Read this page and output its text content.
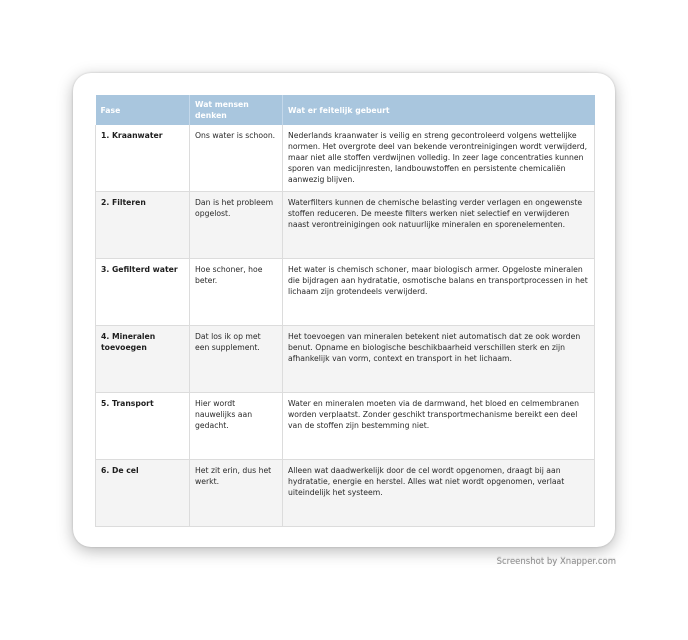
Fase	Wat mensen denken	Wat er feitelijk gebeurt
1. Kraanwater	Ons water is schoon.	Nederlands kraanwater is veilig en streng gecontroleerd volgens wettelijke normen. Het overgrote deel van bekende verontreinigingen wordt verwijderd, maar niet alle stoffen verdwijnen volledig. In zeer lage concentraties kunnen sporen van medicijnresten, landbouwstoffen en persistente chemicaliën aanwezig blijven.
2. Filteren	Dan is het probleem opgelost.	Waterfilters kunnen de chemische belasting verder verlagen en ongewenste stoffen reduceren. De meeste filters werken niet selectief en verwijderen naast verontreinigingen ook natuurlijke mineralen en sporenelementen.
3. Gefilterd water	Hoe schoner, hoe beter.	Het water is chemisch schoner, maar biologisch armer. Opgeloste mineralen die bijdragen aan hydratatie, osmotische balans en transportprocessen in het lichaam zijn grotendeels verwijderd.
4. Mineralen toevoegen	Dat los ik op met een supplement.	Het toevoegen van mineralen betekent niet automatisch dat ze ook worden benut. Opname en biologische beschikbaarheid verschillen sterk en zijn afhankelijk van vorm, context en transport in het lichaam.
5. Transport	Hier wordt nauwelijks aan gedacht.	Water en mineralen moeten via de darmwand, het bloed en celmembranen worden verplaatst. Zonder geschikt transportmechanisme bereikt een deel van de stoffen zijn bestemming niet.
6. De cel	Het zit erin, dus het werkt.	Alleen wat daadwerkelijk door de cel wordt opgenomen, draagt bij aan hydratatie, energie en herstel. Alles wat niet wordt opgenomen, verlaat uiteindelijk het systeem.
Screenshot by Xnapper.com
